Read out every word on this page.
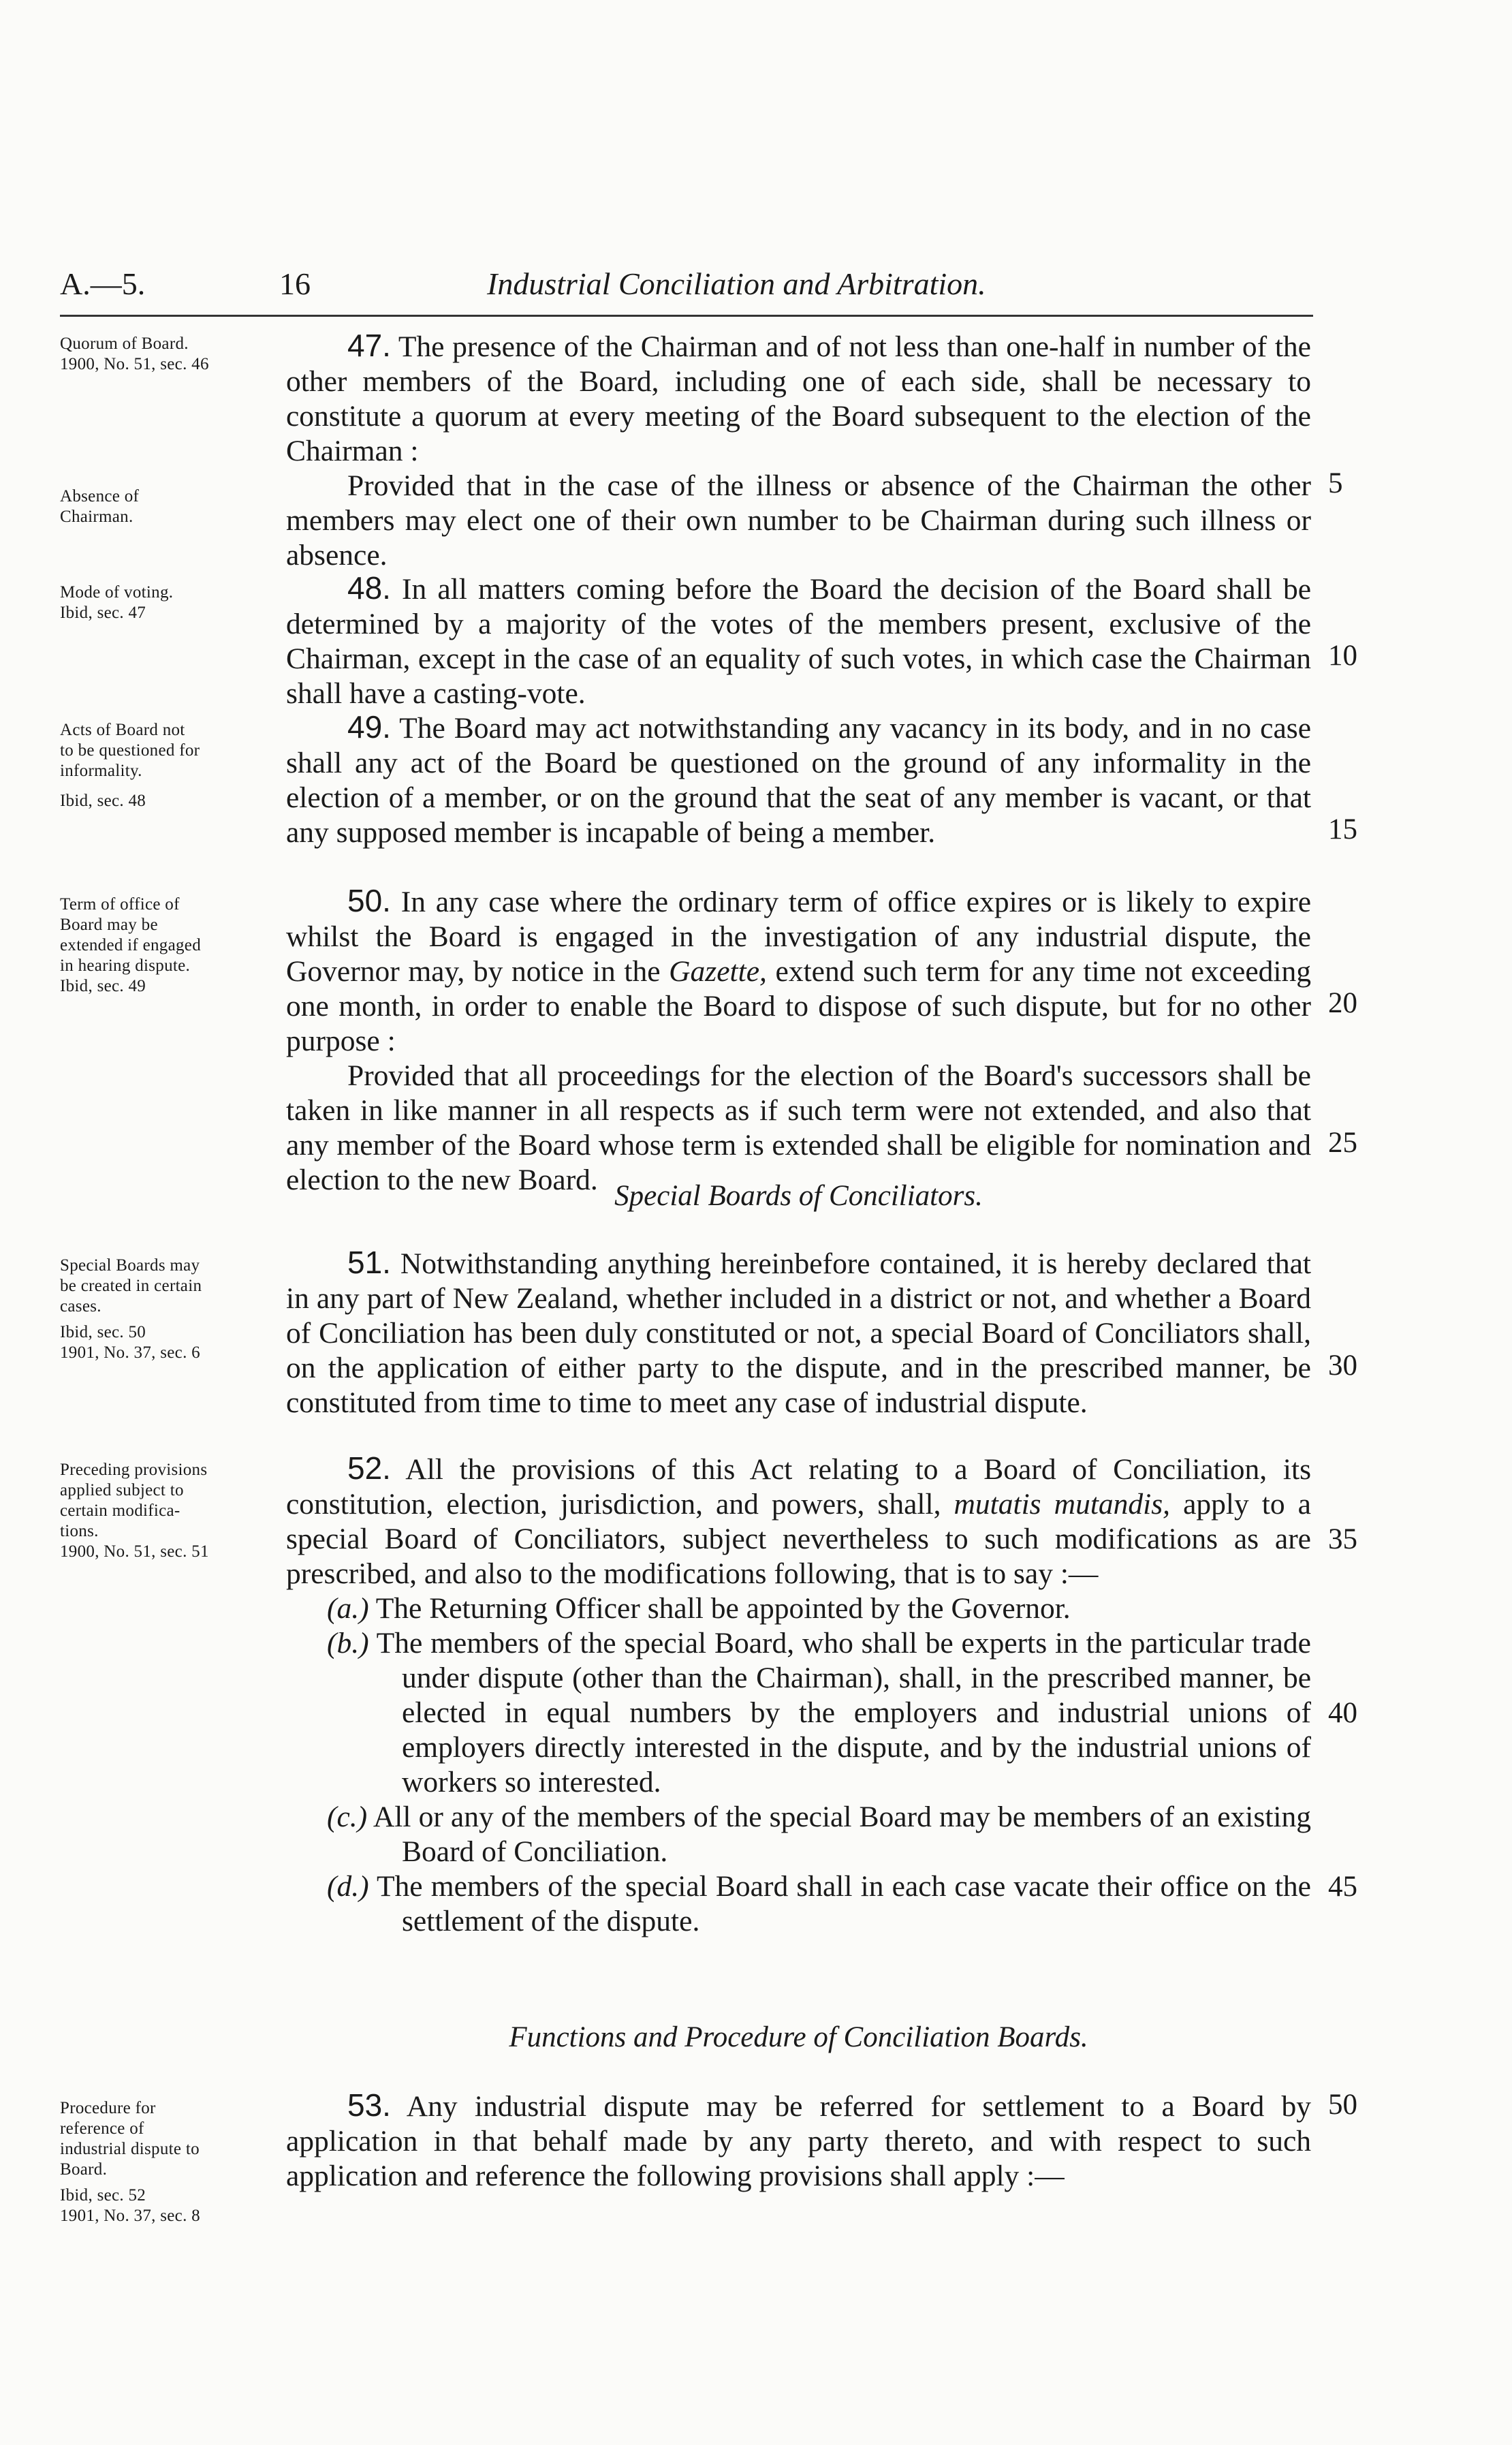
A.—5.	16	Industrial Conciliation and Arbitration.
Quorum of Board.
1900, No. 51, sec. 46
Absence of
Chairman.
Mode of voting.
Ibid, sec. 47
Acts of Board not
to be questioned for
informality.
Ibid, sec. 48
Term of office of
Board may be
extended if engaged
in hearing dispute.
Ibid, sec. 49
Special Boards may
be created in certain
cases.
Ibid, sec. 50
1901, No. 37, sec. 6
Preceding provisions
applied subject to
certain modifica-
tions.
1900, No. 51, sec. 51
Procedure for
reference of
industrial dispute to
Board.
Ibid, sec. 52
1901, No. 37, sec. 8
47. The presence of the Chairman and of not less than one-half in number of the other members of the Board, including one of each side, shall be necessary to constitute a quorum at every meeting of the Board subsequent to the election of the Chairman :
Provided that in the case of the illness or absence of the Chairman the other members may elect one of their own number to be Chairman during such illness or absence.
48. In all matters coming before the Board the decision of the Board shall be determined by a majority of the votes of the members present, exclusive of the Chairman, except in the case of an equality of such votes, in which case the Chairman shall have a casting-vote.
49. The Board may act notwithstanding any vacancy in its body, and in no case shall any act of the Board be questioned on the ground of any informality in the election of a member, or on the ground that the seat of any member is vacant, or that any supposed member is incapable of being a member.
50. In any case where the ordinary term of office expires or is likely to expire whilst the Board is engaged in the investigation of any industrial dispute, the Governor may, by notice in the Gazette, extend such term for any time not exceeding one month, in order to enable the Board to dispose of such dispute, but for no other purpose :
Provided that all proceedings for the election of the Board's successors shall be taken in like manner in all respects as if such term were not extended, and also that any member of the Board whose term is extended shall be eligible for nomination and election to the new Board. Special Boards of Conciliators.
51. Notwithstanding anything hereinbefore contained, it is hereby declared that in any part of New Zealand, whether included in a district or not, and whether a Board of Conciliation has been duly constituted or not, a special Board of Conciliators shall, on the application of either party to the dispute, and in the prescribed manner, be constituted from time to time to meet any case of industrial dispute.
52. All the provisions of this Act relating to a Board of Conciliation, its constitution, election, jurisdiction, and powers, shall, mutatis mutandis, apply to a special Board of Conciliators, subject nevertheless to such modifications as are prescribed, and also to the modifications following, that is to say :—
(a.) The Returning Officer shall be appointed by the Governor.
(b.) The members of the special Board, who shall be experts in the particular trade under dispute (other than the Chairman), shall, in the prescribed manner, be elected in equal numbers by the employers and industrial unions of employers directly interested in the dispute, and by the industrial unions of workers so interested.
(c.) All or any of the members of the special Board may be members of an existing Board of Conciliation.
(d.) The members of the special Board shall in each case vacate their office on the settlement of the dispute.
Functions and Procedure of Conciliation Boards.
53. Any industrial dispute may be referred for settlement to a Board by application in that behalf made by any party thereto, and with respect to such application and reference the following provisions shall apply :—
5
10
15
20
25
30
35
40
45
50
